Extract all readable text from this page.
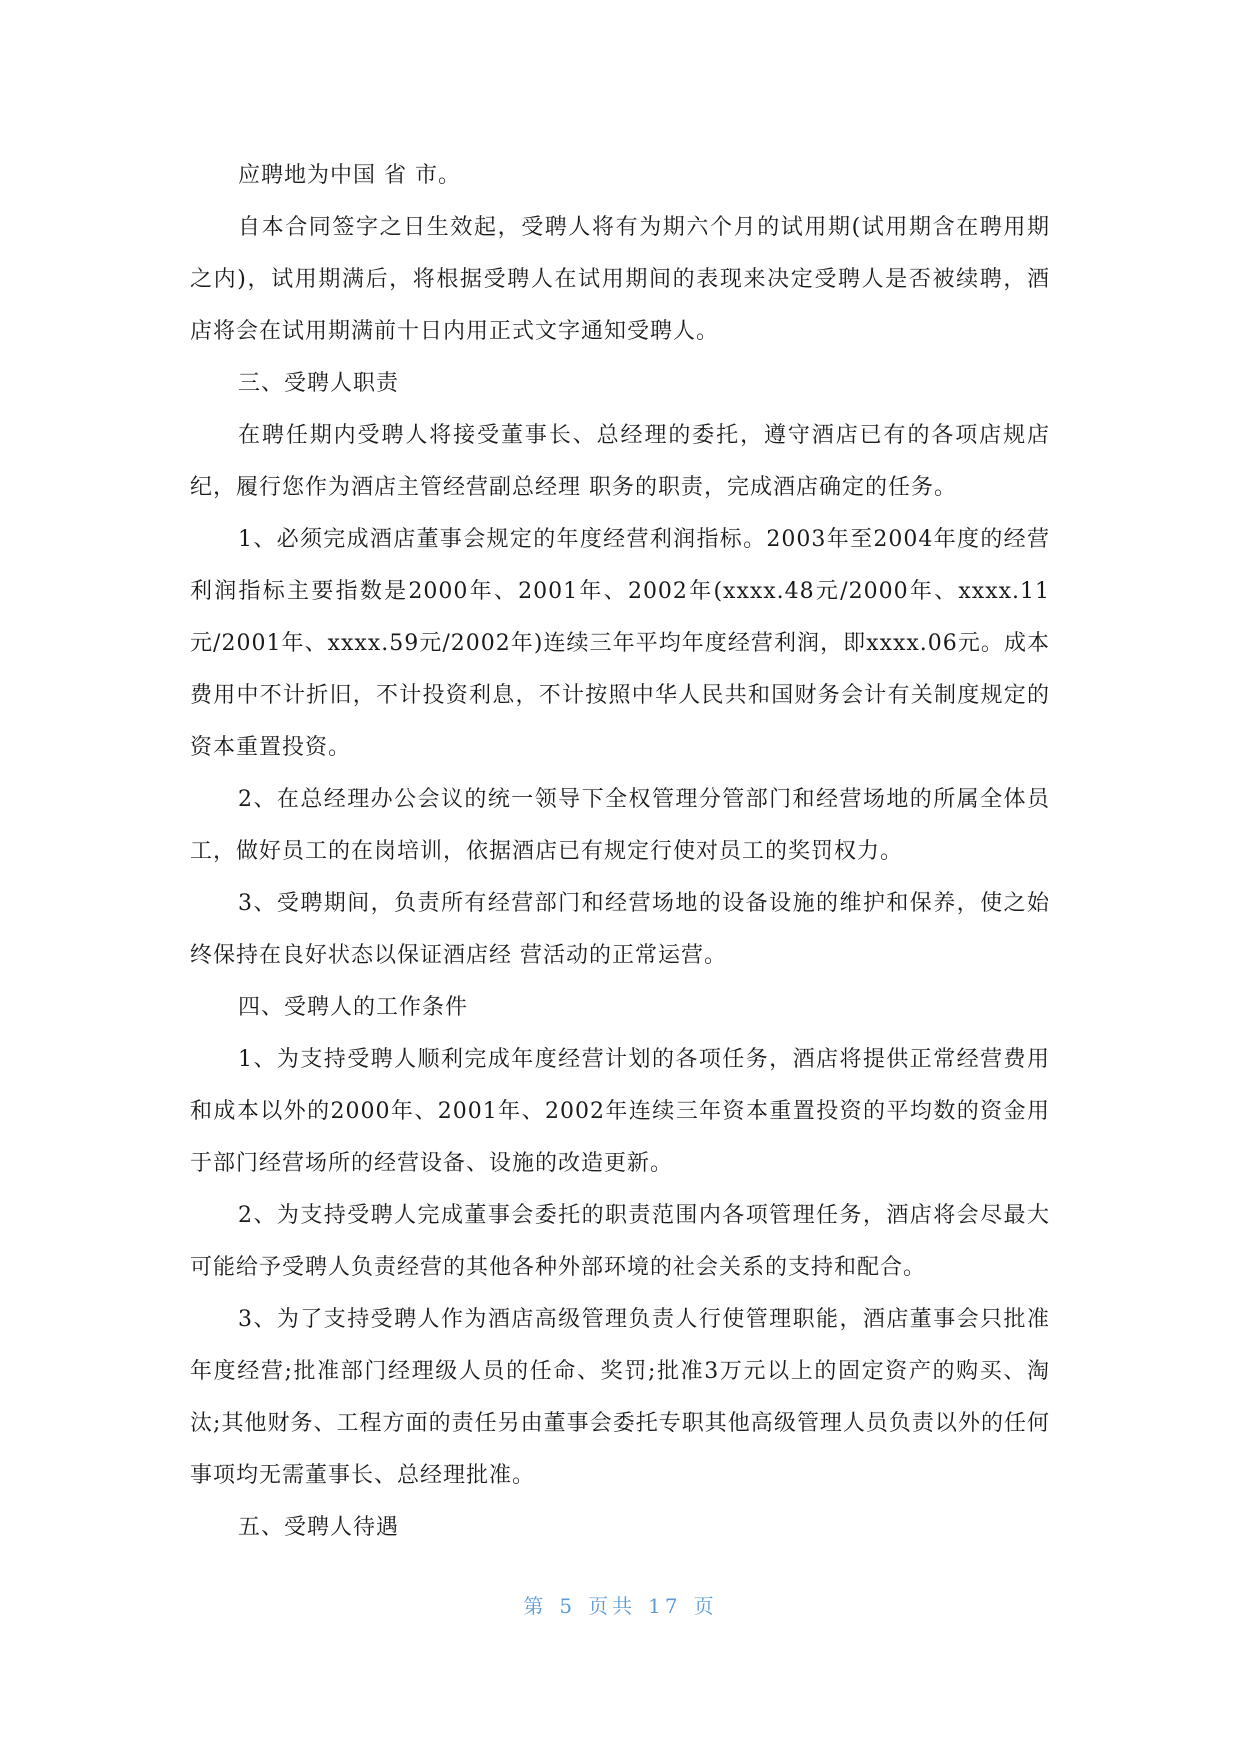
应聘地为中国 省 市。

自本合同签字之日生效起，受聘人将有为期六个月的试用期(试用期含在聘用期之内)，试用期满后，将根据受聘人在试用期间的表现来决定受聘人是否被续聘，酒店将会在试用期满前十日内用正式文字通知受聘人。

三、受聘人职责

在聘任期内受聘人将接受董事长、总经理的委托，遵守酒店已有的各项店规店纪，履行您作为酒店主管经营副总经理 职务的职责，完成酒店确定的任务。

1、必须完成酒店董事会规定的年度经营利润指标。2003年至2004年度的经营利润指标主要指数是2000年、2001年、2002年(xxxx.48元/2000年、xxxx.11元/2001年、xxxx.59元/2002年)连续三年平均年度经营利润，即xxxx.06元。成本费用中不计折旧，不计投资利息，不计按照中华人民共和国财务会计有关制度规定的资本重置投资。

2、在总经理办公会议的统一领导下全权管理分管部门和经营场地的所属全体员工，做好员工的在岗培训，依据酒店已有规定行使对员工的奖罚权力。

3、受聘期间，负责所有经营部门和经营场地的设备设施的维护和保养，使之始终保持在良好状态以保证酒店经 营活动的正常运营。

四、受聘人的工作条件

1、为支持受聘人顺利完成年度经营计划的各项任务，酒店将提供正常经营费用和成本以外的2000年、2001年、2002年连续三年资本重置投资的平均数的资金用于部门经营场所的经营设备、设施的改造更新。

2、为支持受聘人完成董事会委托的职责范围内各项管理任务，酒店将会尽最大可能给予受聘人负责经营的其他各种外部环境的社会关系的支持和配合。

3、为了支持受聘人作为酒店高级管理负责人行使管理职能，酒店董事会只批准年度经营;批准部门经理级人员的任命、奖罚;批准3万元以上的固定资产的购买、淘汰;其他财务、工程方面的责任另由董事会委托专职其他高级管理人员负责以外的任何事项均无需董事长、总经理批准。

五、受聘人待遇

第 5 页共 17 页
